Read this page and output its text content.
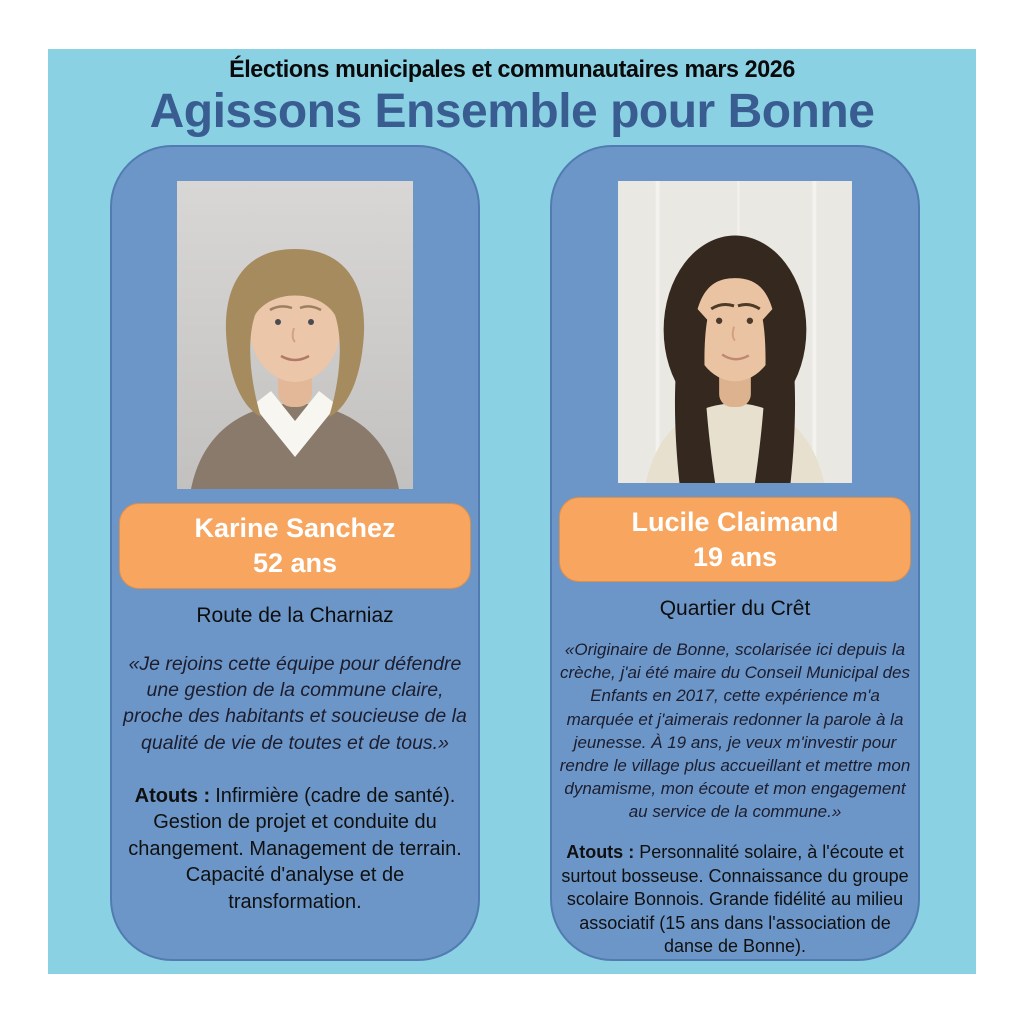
Élections municipales et communautaires mars 2026
Agissons Ensemble pour Bonne
Karine Sanchez
52 ans
Route de la Charniaz
«Je rejoins cette équipe pour défendre une gestion de la commune claire, proche des habitants et soucieuse de la qualité de vie de toutes et de tous.»

Atouts : Infirmière (cadre de santé). Gestion de projet et conduite du changement. Management de terrain. Capacité d'analyse et de transformation.

Lucile Claimand
19 ans
Quartier du Crêt
«Originaire de Bonne, scolarisée ici depuis la crèche, j'ai été maire du Conseil Municipal des Enfants en 2017, cette expérience m'a marquée et j'aimerais redonner la parole à la jeunesse. À 19 ans, je veux m'investir pour rendre le village plus accueillant et mettre mon dynamisme, mon écoute et mon engagement au service de la commune.»

Atouts : Personnalité solaire, à l'écoute et surtout bosseuse. Connaissance du groupe scolaire Bonnois. Grande fidélité au milieu associatif (15 ans dans l'association de danse de Bonne).
